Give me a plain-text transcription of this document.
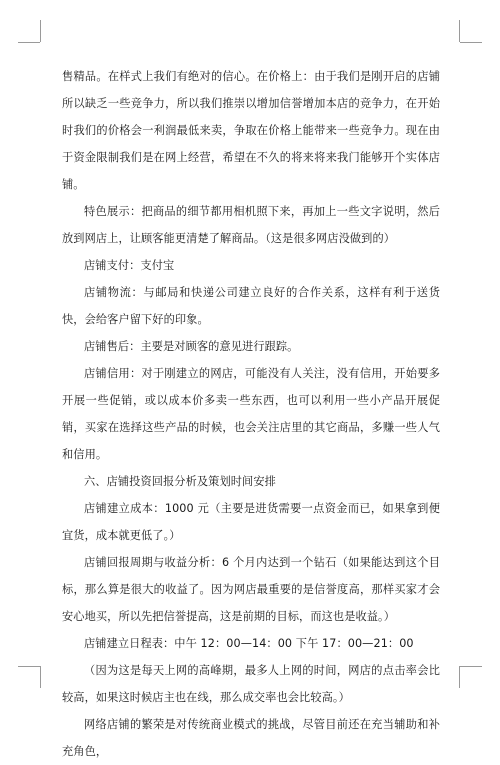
售精品。在样式上我们有绝对的信心。在价格上：由于我们是刚开启的店铺所以缺乏一些竞争力，所以我们推崇以增加信誉增加本店的竞争力，在开始时我们的价格会一利润最低来卖，争取在价格上能带来一些竞争力。现在由于资金限制我们是在网上经营，希望在不久的将来将来我门能够开个实体店铺。

特色展示：把商品的细节都用相机照下来，再加上一些文字说明，然后放到网店上，让顾客能更清楚了解商品。（这是很多网店没做到的）

店铺支付：支付宝

店铺物流：与邮局和快递公司建立良好的合作关系，这样有利于送货快，会给客户留下好的印象。

店铺售后：主要是对顾客的意见进行跟踪。

店铺信用：对于刚建立的网店，可能没有人关注，没有信用，开始要多开展一些促销，或以成本价多卖一些东西，也可以利用一些小产品开展促销，买家在选择这些产品的时候，也会关注店里的其它商品，多赚一些人气和信用。

六、店铺投资回报分析及策划时间安排

店铺建立成本：1000 元（主要是进货需要一点资金而已，如果拿到便宜货，成本就更低了。）

店铺回报周期与收益分析：6 个月内达到一个钻石（如果能达到这个目标，那么算是很大的收益了。因为网店最重要的是信誉度高，那样买家才会安心地买，所以先把信誉提高，这是前期的目标，而这也是收益。）

店铺建立日程表：中午 12：00—14：00 下午 17：00—21：00

（因为这是每天上网的高峰期，最多人上网的时间，网店的点击率会比较高，如果这时候店主也在线，那么成交率也会比较高。）

网络店铺的繁荣是对传统商业模式的挑战，尽管目前还在充当辅助和补充角色，
